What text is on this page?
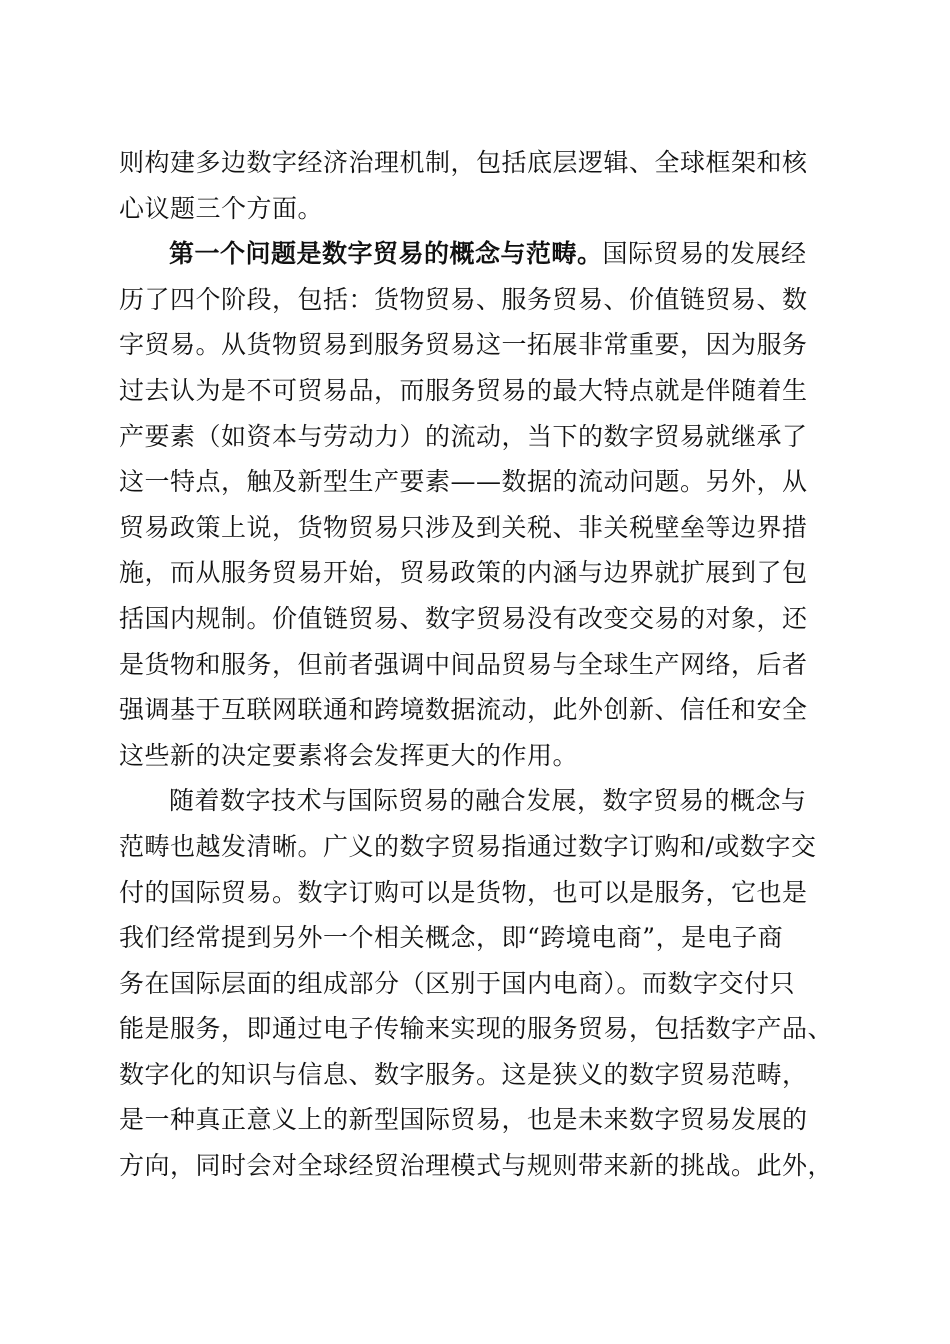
则构建多边数字经济治理机制，包括底层逻辑、全球框架和核
心议题三个方面。
第一个问题是数字贸易的概念与范畴。国际贸易的发展经
历了四个阶段，包括：货物贸易、服务贸易、价值链贸易、数
字贸易。从货物贸易到服务贸易这一拓展非常重要，因为服务
过去认为是不可贸易品，而服务贸易的最大特点就是伴随着生
产要素（如资本与劳动力）的流动，当下的数字贸易就继承了
这一特点，触及新型生产要素——数据的流动问题。另外，从
贸易政策上说，货物贸易只涉及到关税、非关税壁垒等边界措
施，而从服务贸易开始，贸易政策的内涵与边界就扩展到了包
括国内规制。价值链贸易、数字贸易没有改变交易的对象，还
是货物和服务，但前者强调中间品贸易与全球生产网络，后者
强调基于互联网联通和跨境数据流动，此外创新、信任和安全
这些新的决定要素将会发挥更大的作用。
随着数字技术与国际贸易的融合发展，数字贸易的概念与
范畴也越发清晰。广义的数字贸易指通过数字订购和/或数字交
付的国际贸易。数字订购可以是货物，也可以是服务，它也是
我们经常提到另外一个相关概念，即“跨境电商”，是电子商
务在国际层面的组成部分（区别于国内电商）。而数字交付只
能是服务，即通过电子传输来实现的服务贸易，包括数字产品、
数字化的知识与信息、数字服务。这是狭义的数字贸易范畴，
是一种真正意义上的新型国际贸易，也是未来数字贸易发展的
方向，同时会对全球经贸治理模式与规则带来新的挑战。此外，
